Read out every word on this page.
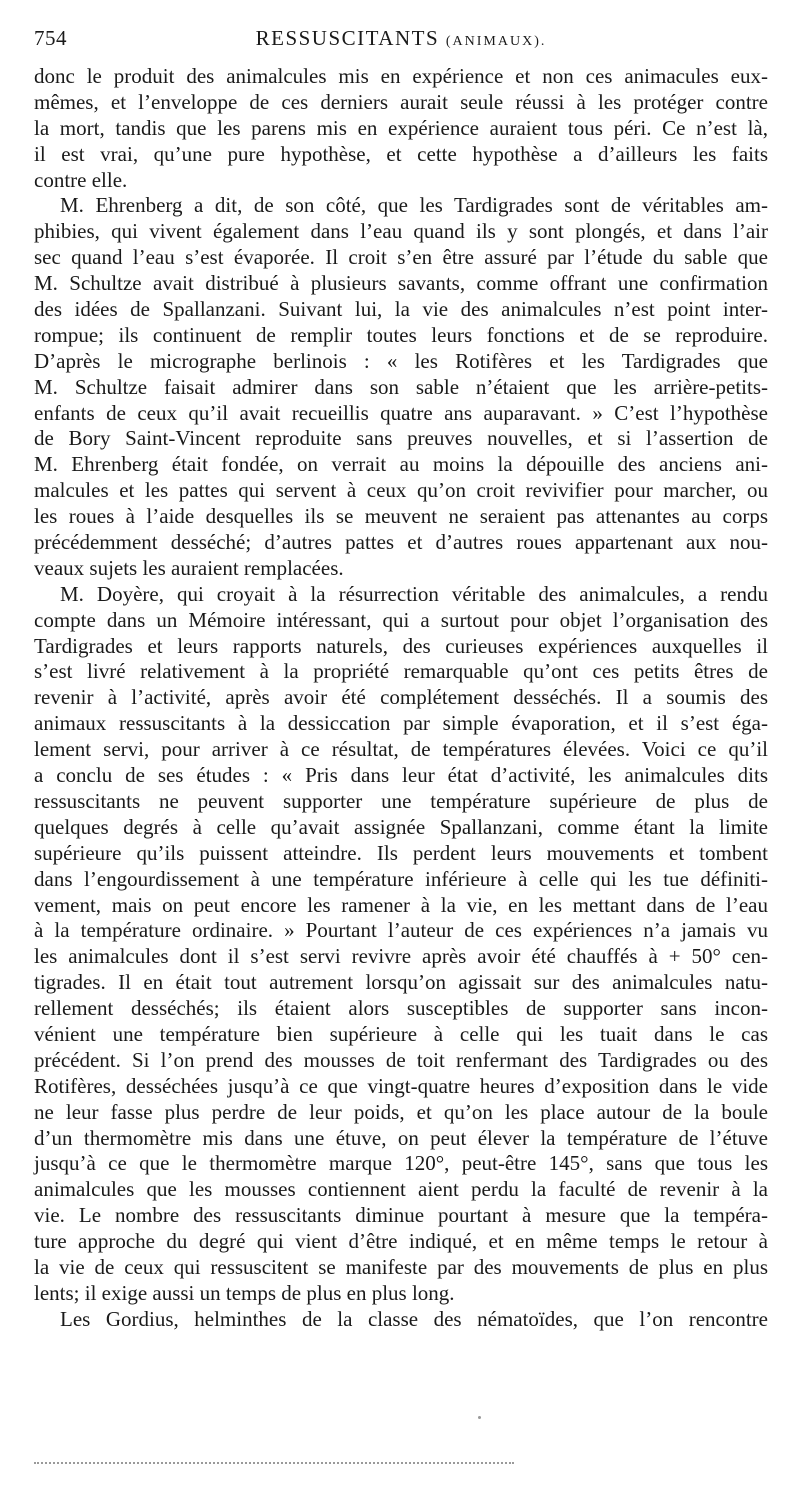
754	RESSUSCITANTS (ANIMAUX).
donc le produit des animalcules mis en expérience et non ces animacules eux-
mêmes, et l’enveloppe de ces derniers aurait seule réussi à les protéger contre
la mort, tandis que les parens mis en expérience auraient tous péri. Ce n’est là,
il est vrai, qu’une pure hypothèse, et cette hypothèse a d’ailleurs les faits
contre elle.
M. Ehrenberg a dit, de son côté, que les Tardigrades sont de véritables am-
phibies, qui vivent également dans l’eau quand ils y sont plongés, et dans l’air
sec quand l’eau s’est évaporée. Il croit s’en être assuré par l’étude du sable que
M. Schultze avait distribué à plusieurs savants, comme offrant une confirmation
des idées de Spallanzani. Suivant lui, la vie des animalcules n’est point inter-
rompue; ils continuent de remplir toutes leurs fonctions et de se reproduire.
D’après le micrographe berlinois : « les Rotifères et les Tardigrades que
M. Schultze faisait admirer dans son sable n’étaient que les arrière-petits-
enfants de ceux qu’il avait recueillis quatre ans auparavant. » C’est l’hypothèse
de Bory Saint-Vincent reproduite sans preuves nouvelles, et si l’assertion de
M. Ehrenberg était fondée, on verrait au moins la dépouille des anciens ani-
malcules et les pattes qui servent à ceux qu’on croit revivifier pour marcher, ou
les roues à l’aide desquelles ils se meuvent ne seraient pas attenantes au corps
précédemment desséché; d’autres pattes et d’autres roues appartenant aux nou-
veaux sujets les auraient remplacées.
M. Doyère, qui croyait à la résurrection véritable des animalcules, a rendu
compte dans un Mémoire intéressant, qui a surtout pour objet l’organisation des
Tardigrades et leurs rapports naturels, des curieuses expériences auxquelles il
s’est livré relativement à la propriété remarquable qu’ont ces petits êtres de
revenir à l’activité, après avoir été complétement desséchés. Il a soumis des
animaux ressuscitants à la dessiccation par simple évaporation, et il s’est éga-
lement servi, pour arriver à ce résultat, de températures élevées. Voici ce qu’il
a conclu de ses études : « Pris dans leur état d’activité, les animalcules dits
ressuscitants ne peuvent supporter une température supérieure de plus de
quelques degrés à celle qu’avait assignée Spallanzani, comme étant la limite
supérieure qu’ils puissent atteindre. Ils perdent leurs mouvements et tombent
dans l’engourdissement à une température inférieure à celle qui les tue définiti-
vement, mais on peut encore les ramener à la vie, en les mettant dans de l’eau
à la température ordinaire. » Pourtant l’auteur de ces expériences n’a jamais vu
les animalcules dont il s’est servi revivre après avoir été chauffés à + 50° cen-
tigrades. Il en était tout autrement lorsqu’on agissait sur des animalcules natu-
rellement desséchés; ils étaient alors susceptibles de supporter sans incon-
vénient une température bien supérieure à celle qui les tuait dans le cas
précédent. Si l’on prend des mousses de toit renfermant des Tardigrades ou des
Rotifères, desséchées jusqu’à ce que vingt-quatre heures d’exposition dans le vide
ne leur fasse plus perdre de leur poids, et qu’on les place autour de la boule
d’un thermomètre mis dans une étuve, on peut élever la température de l’étuve
jusqu’à ce que le thermomètre marque 120°, peut-être 145°, sans que tous les
animalcules que les mousses contiennent aient perdu la faculté de revenir à la
vie. Le nombre des ressuscitants diminue pourtant à mesure que la tempéra-
ture approche du degré qui vient d’être indiqué, et en même temps le retour à
la vie de ceux qui ressuscitent se manifeste par des mouvements de plus en plus
lents; il exige aussi un temps de plus en plus long.
Les Gordius, helminthes de la classe des nématoïdes, que l’on rencontre
